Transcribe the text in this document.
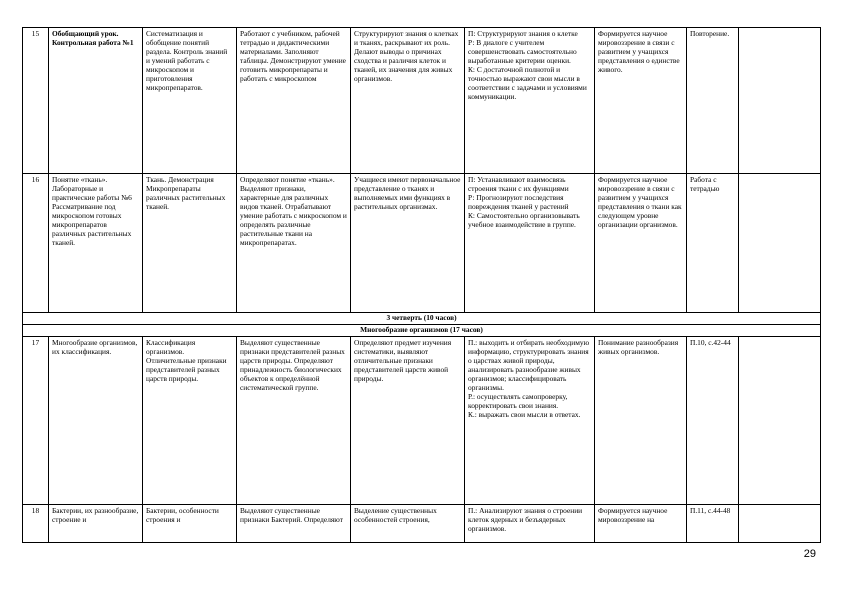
15	Обобщающий урок. Контрольная работа №1	Систематизация и обобщение понятий раздела. Контроль знаний и умений работать с микроскопом и приготовления микропрепаратов.	Работают с учебником, рабочей тетрадью и дидактическими материалами. Заполняют таблицы. Демонстрируют умение готовить микропрепараты и работать с микроскопом	Структурируют знания о клетках и тканях, раскрывают их роль. Делают выводы о причинах сходства и различия клеток и тканей, их значения для живых организмов.	П: Структурируют знания о клетке
Р: В диалоге с учителем совершенствовать самостоятельно выработанные критерии оценки.
К: С достаточной полнотой и точностью выражают свои мысли в соответствии с задачами и условиями коммуникации.	Формируется научное мировоззрение в связи с развитием у учащихся представления о единстве живого.	Повторение.	
16	Понятие «ткань». Лабораторные и практические работы №6 Рассматривание под микроскопом готовых микропрепаратов различных растительных тканей.	Ткань. Демонстрация Микропрепараты различных растительных тканей.	Определяют понятие «ткань». Выделяют признаки, характерные для различных видов тканей. Отрабатывают умение работать с микроскопом и определять различные растительные ткани на микропрепаратах.	Учащиеся имеют первоначальное представление о тканях и выполняемых ими функциях в растительных организмах.	П: Устанавливают взаимосвязь строения ткани с их функциями
Р: Прогнозируют последствия повреждения тканей у растений
К: Самостоятельно организовывать учебное взаимодействие в группе.	Формируется научное мировоззрение в связи с развитием у учащихся представления о ткани как следующем уровне организации организмов.	Работа с тетрадью	
3 четверть (10 часов)								
Многообразие организмов (17 часов)								
17	Многообразие организмов, их классификация.	Классификация организмов. Отличительные признаки представителей разных царств природы.	Выделяют существенные признаки представителей разных царств природы. Определяют принадлежность биологических объектов к определённой систематической группе.	Определяют предмет изучения систематики, выявляют отличительные признаки представителей царств живой природы.	П.: выходить и отбирать необходимую информацию, структурировать знания о царствах живой природы, анализировать разнообразие живых организмов; классифицировать организмы.
Р.: осуществлять самопроверку, корректировать свои знания.
К.: выражать свои мысли в ответах.	Понимание разнообразия живых организмов.	П.10, с.42-44	
18	Бактерии, их разнообразие, строение и	Бактерии, особенности строения и	Выделяют существенные признаки Бактерий. Определяют	Выделение существенных особенностей строения,	П.: Анализируют знания о строении клеток ядерных и безъядерных организмов.	Формируется научное мировоззрение на	П.11, с.44-48	
29
